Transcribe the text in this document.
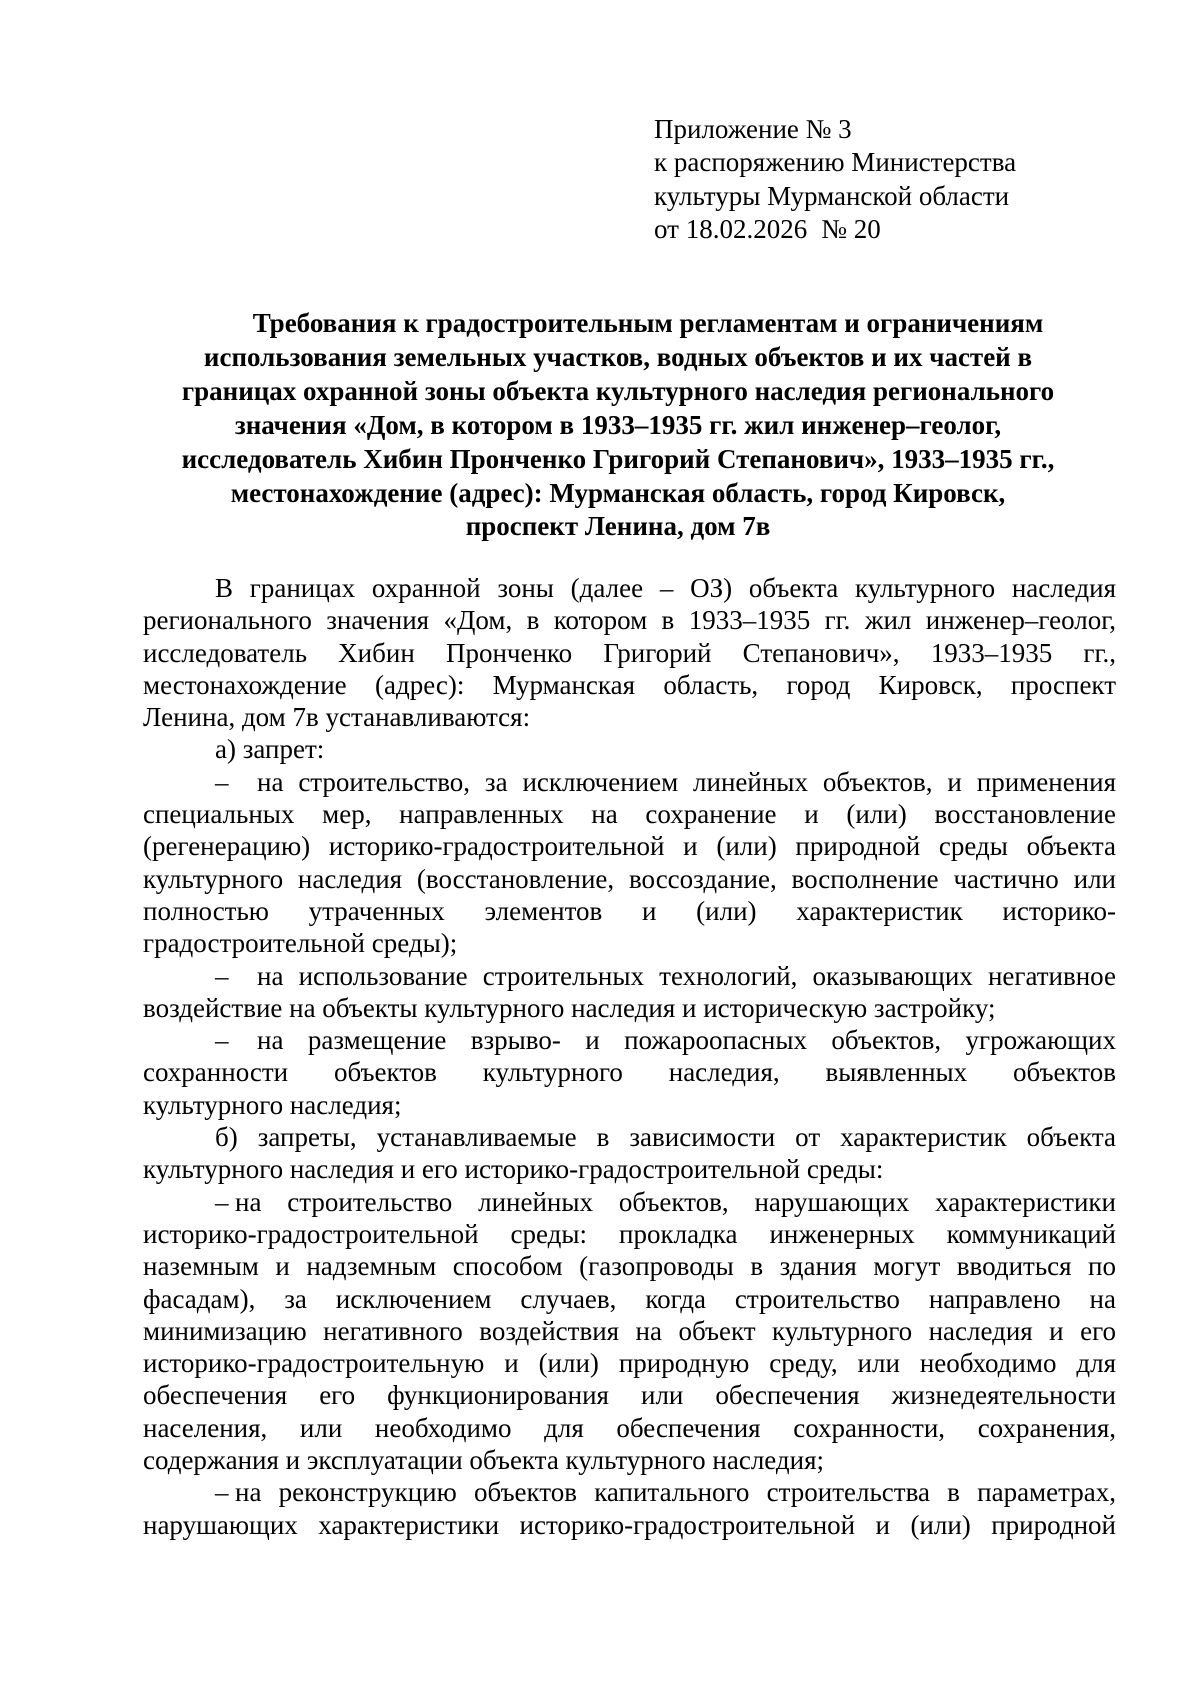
Приложение № 3
к распоряжению Министерства
культуры Мурманской области
от 18.02.2026 № 20
Требования к градостроительным регламентам и ограничениям
использования земельных участков, водных объектов и их частей в
границах охранной зоны объекта культурного наследия регионального
значения «Дом, в котором в 1933–1935 гг. жил инженер–геолог,
исследователь Хибин Пронченко Григорий Степанович», 1933–1935 гг.,
местонахождение (адрес): Мурманская область, город Кировск,
проспект Ленина, дом 7в
В границах охранной зоны (далее – ОЗ) объекта культурного наследия
регионального значения «Дом, в котором в 1933–1935 гг. жил инженер–геолог,
исследователь Хибин Пронченко Григорий Степанович», 1933–1935 гг.,
местонахождение (адрес): Мурманская область, город Кировск, проспект
Ленина, дом 7в устанавливаются:
а) запрет:
– на строительство, за исключением линейных объектов, и применения
специальных мер, направленных на сохранение и (или) восстановление
(регенерацию) историко-градостроительной и (или) природной среды объекта
культурного наследия (восстановление, воссоздание, восполнение частично или
полностью утраченных элементов и (или) характеристик историко-
градостроительной среды);
– на использование строительных технологий, оказывающих негативное
воздействие на объекты культурного наследия и историческую застройку;
– на размещение взрыво- и пожароопасных объектов, угрожающих
сохранности объектов культурного наследия, выявленных объектов
культурного наследия;
б) запреты, устанавливаемые в зависимости от характеристик объекта
культурного наследия и его историко-градостроительной среды:
– на строительство линейных объектов, нарушающих характеристики
историко-градостроительной среды: прокладка инженерных коммуникаций
наземным и надземным способом (газопроводы в здания могут вводиться по
фасадам), за исключением случаев, когда строительство направлено на
минимизацию негативного воздействия на объект культурного наследия и его
историко-градостроительную и (или) природную среду, или необходимо для
обеспечения его функционирования или обеспечения жизнедеятельности
населения, или необходимо для обеспечения сохранности, сохранения,
содержания и эксплуатации объекта культурного наследия;
– на реконструкцию объектов капитального строительства в параметрах,
нарушающих характеристики историко-градостроительной и (или) природной
